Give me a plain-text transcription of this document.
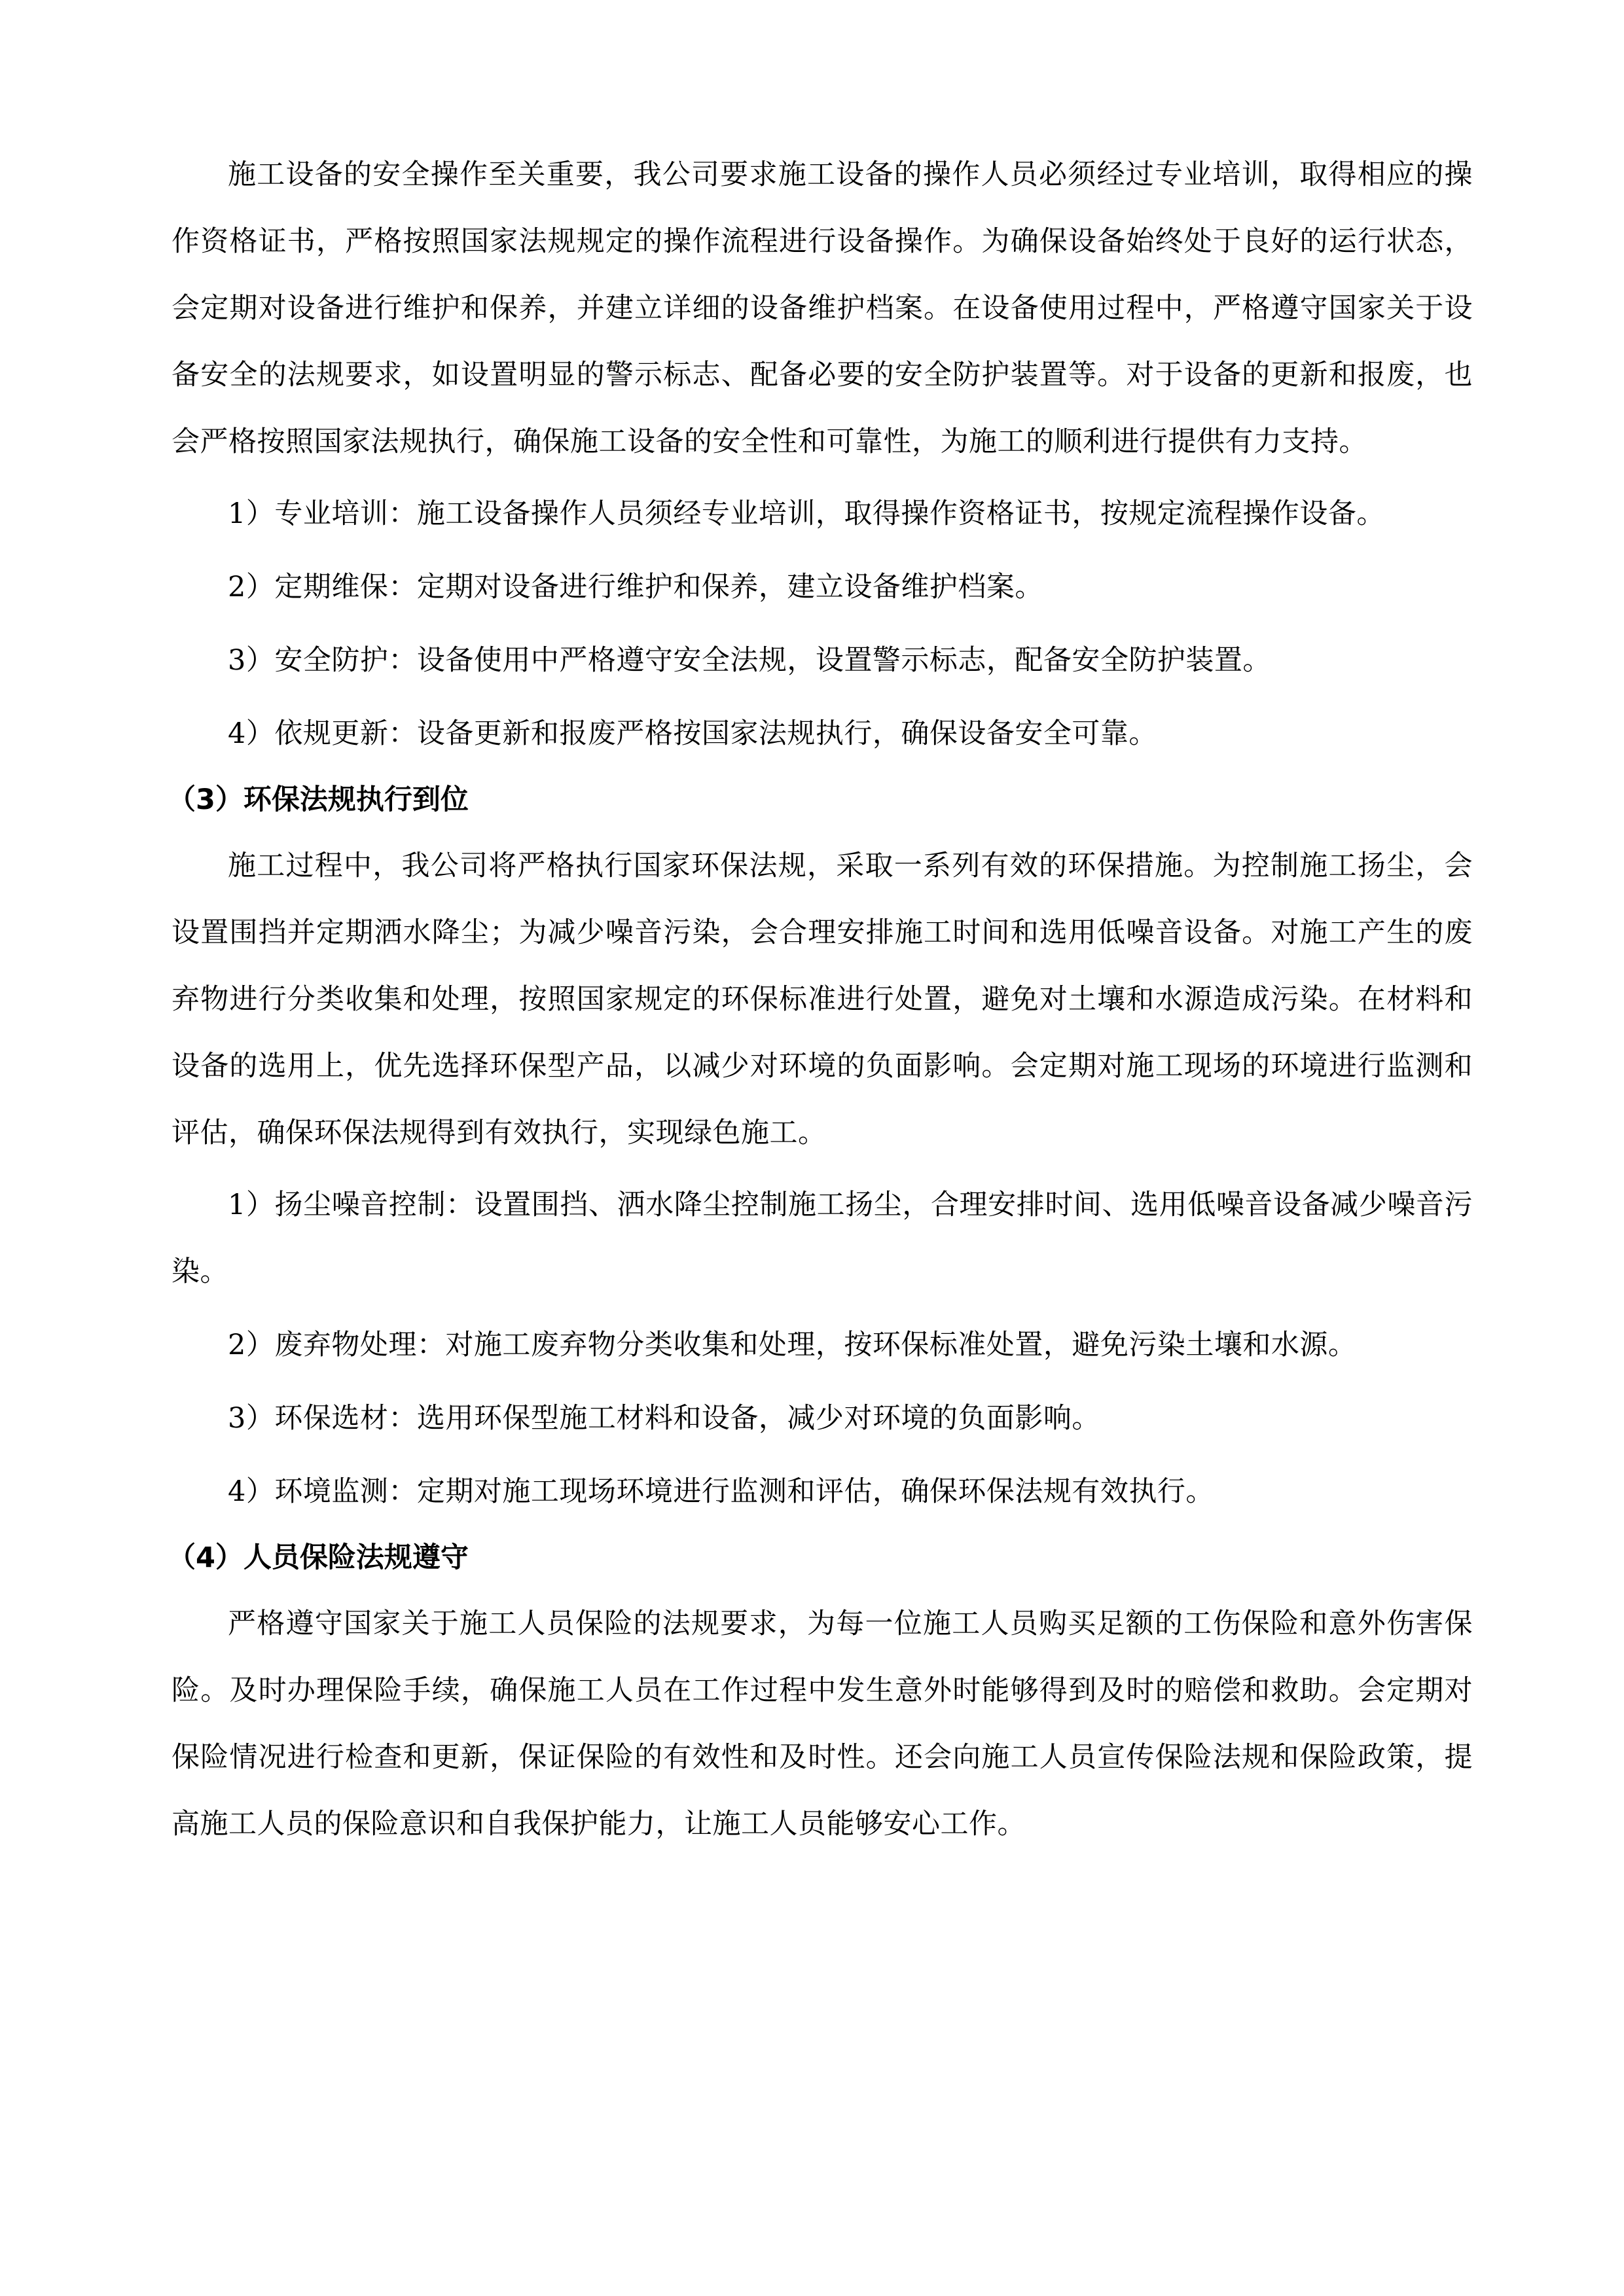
施工设备的安全操作至关重要，我公司要求施工设备的操作人员必须经过专业培训，取得相应的操作资格证书，严格按照国家法规规定的操作流程进行设备操作。为确保设备始终处于良好的运行状态，会定期对设备进行维护和保养，并建立详细的设备维护档案。在设备使用过程中，严格遵守国家关于设备安全的法规要求，如设置明显的警示标志、配备必要的安全防护装置等。对于设备的更新和报废，也会严格按照国家法规执行，确保施工设备的安全性和可靠性，为施工的顺利进行提供有力支持。

1）专业培训：施工设备操作人员须经专业培训，取得操作资格证书，按规定流程操作设备。

2）定期维保：定期对设备进行维护和保养，建立设备维护档案。

3）安全防护：设备使用中严格遵守安全法规，设置警示标志，配备安全防护装置。

4）依规更新：设备更新和报废严格按国家法规执行，确保设备安全可靠。

（3）环保法规执行到位

施工过程中，我公司将严格执行国家环保法规，采取一系列有效的环保措施。为控制施工扬尘，会设置围挡并定期洒水降尘；为减少噪音污染，会合理安排施工时间和选用低噪音设备。对施工产生的废弃物进行分类收集和处理，按照国家规定的环保标准进行处置，避免对土壤和水源造成污染。在材料和设备的选用上，优先选择环保型产品，以减少对环境的负面影响。会定期对施工现场的环境进行监测和评估，确保环保法规得到有效执行，实现绿色施工。

1）扬尘噪音控制：设置围挡、洒水降尘控制施工扬尘，合理安排时间、选用低噪音设备减少噪音污染。

2）废弃物处理：对施工废弃物分类收集和处理，按环保标准处置，避免污染土壤和水源。

3）环保选材：选用环保型施工材料和设备，减少对环境的负面影响。

4）环境监测：定期对施工现场环境进行监测和评估，确保环保法规有效执行。

（4）人员保险法规遵守

严格遵守国家关于施工人员保险的法规要求，为每一位施工人员购买足额的工伤保险和意外伤害保险。及时办理保险手续，确保施工人员在工作过程中发生意外时能够得到及时的赔偿和救助。会定期对保险情况进行检查和更新，保证保险的有效性和及时性。还会向施工人员宣传保险法规和保险政策，提高施工人员的保险意识和自我保护能力，让施工人员能够安心工作。
